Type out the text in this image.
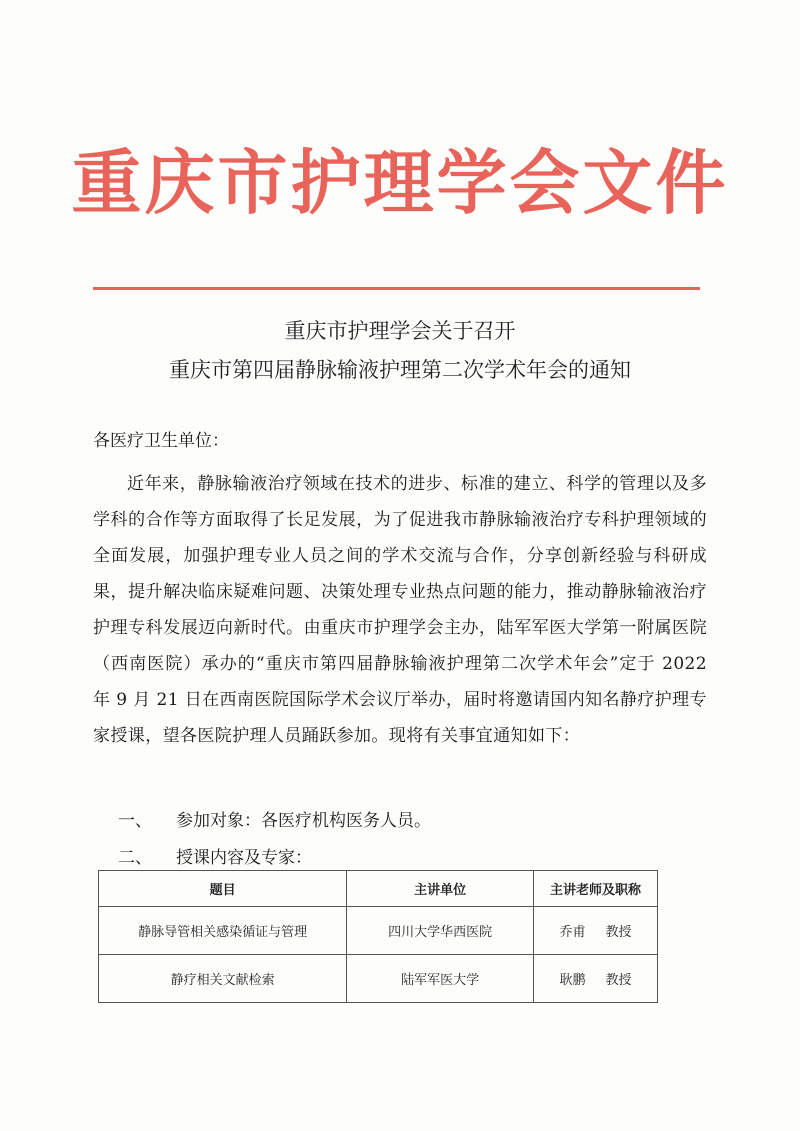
重庆市护理学会文件
重庆市护理学会关于召开
重庆市第四届静脉输液护理第二次学术年会的通知
各医疗卫生单位：
近年来，静脉输液治疗领域在技术的进步、标准的建立、科学的管理以及多学科的合作等方面取得了长足发展，为了促进我市静脉输液治疗专科护理领域的全面发展，加强护理专业人员之间的学术交流与合作，分享创新经验与科研成果，提升解决临床疑难问题、决策处理专业热点问题的能力，推动静脉输液治疗护理专科发展迈向新时代。由重庆市护理学会主办，陆军军医大学第一附属医院（西南医院）承办的“重庆市第四届静脉输液护理第二次学术年会”定于 2022 年 9 月 21 日在西南医院国际学术会议厅举办，届时将邀请国内知名静疗护理专家授课，望各医院护理人员踊跃参加。现将有关事宜通知如下：
一、 参加对象：各医疗机构医务人员。
二、 授课内容及专家：
题目	主讲单位	主讲老师及职称
静脉导管相关感染循证与管理	四川大学华西医院	乔甫 教授
静疗相关文献检索	陆军军医大学	耿鹏 教授
